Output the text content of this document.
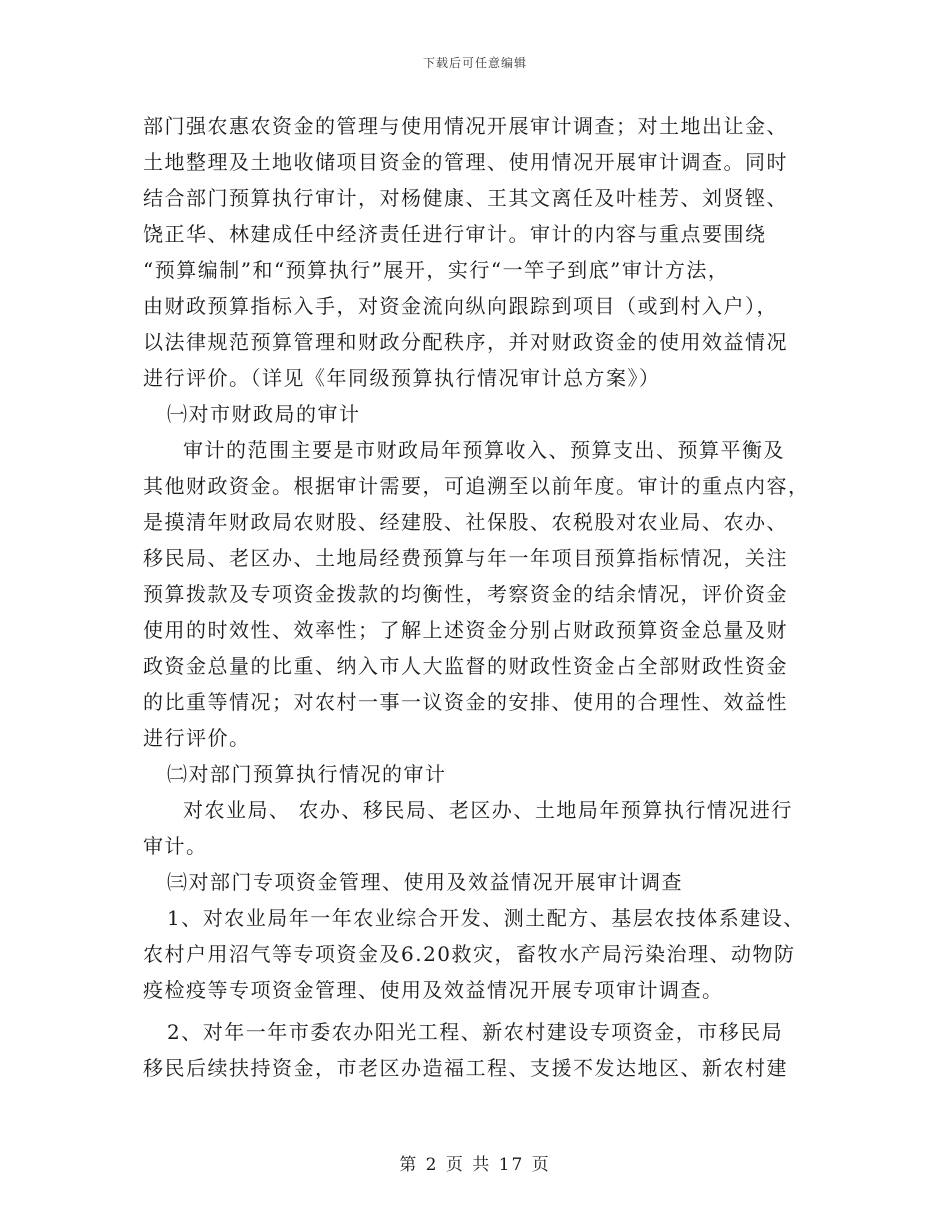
下载后可任意编辑
部门强农惠农资金的管理与使用情况开展审计调查；对土地出让金、
土地整理及土地收储项目资金的管理、使用情况开展审计调查。同时
结合部门预算执行审计，对杨健康、王其文离任及叶桂芳、刘贤铿、
饶正华、林建成任中经济责任进行审计。审计的内容与重点要围绕
“预算编制”和“预算执行”展开，实行“一竿子到底”审计方法，
由财政预算指标入手，对资金流向纵向跟踪到项目（或到村入户），
以法律规范预算管理和财政分配秩序，并对财政资金的使用效益情况
进行评价。（详见《年同级预算执行情况审计总方案》）
㈠对市财政局的审计
审计的范围主要是市财政局年预算收入、预算支出、预算平衡及
其他财政资金。根据审计需要，可追溯至以前年度。审计的重点内容，
是摸清年财政局农财股、经建股、社保股、农税股对农业局、农办、
移民局、老区办、土地局经费预算与年一年项目预算指标情况，关注
预算拨款及专项资金拨款的均衡性，考察资金的结余情况，评价资金
使用的时效性、效率性；了解上述资金分别占财政预算资金总量及财
政资金总量的比重、纳入市人大监督的财政性资金占全部财政性资金
的比重等情况；对农村一事一议资金的安排、使用的合理性、效益性
进行评价。
㈡对部门预算执行情况的审计
对农业局、 农办、移民局、老区办、土地局年预算执行情况进行
审计。
㈢对部门专项资金管理、使用及效益情况开展审计调查
1、对农业局年一年农业综合开发、测土配方、基层农技体系建设、
农村户用沼气等专项资金及6.20救灾，畜牧水产局污染治理、动物防
疫检疫等专项资金管理、使用及效益情况开展专项审计调查。
2、对年一年市委农办阳光工程、新农村建设专项资金，市移民局
移民后续扶持资金，市老区办造福工程、支援不发达地区、新农村建
第 2 页 共 17 页
